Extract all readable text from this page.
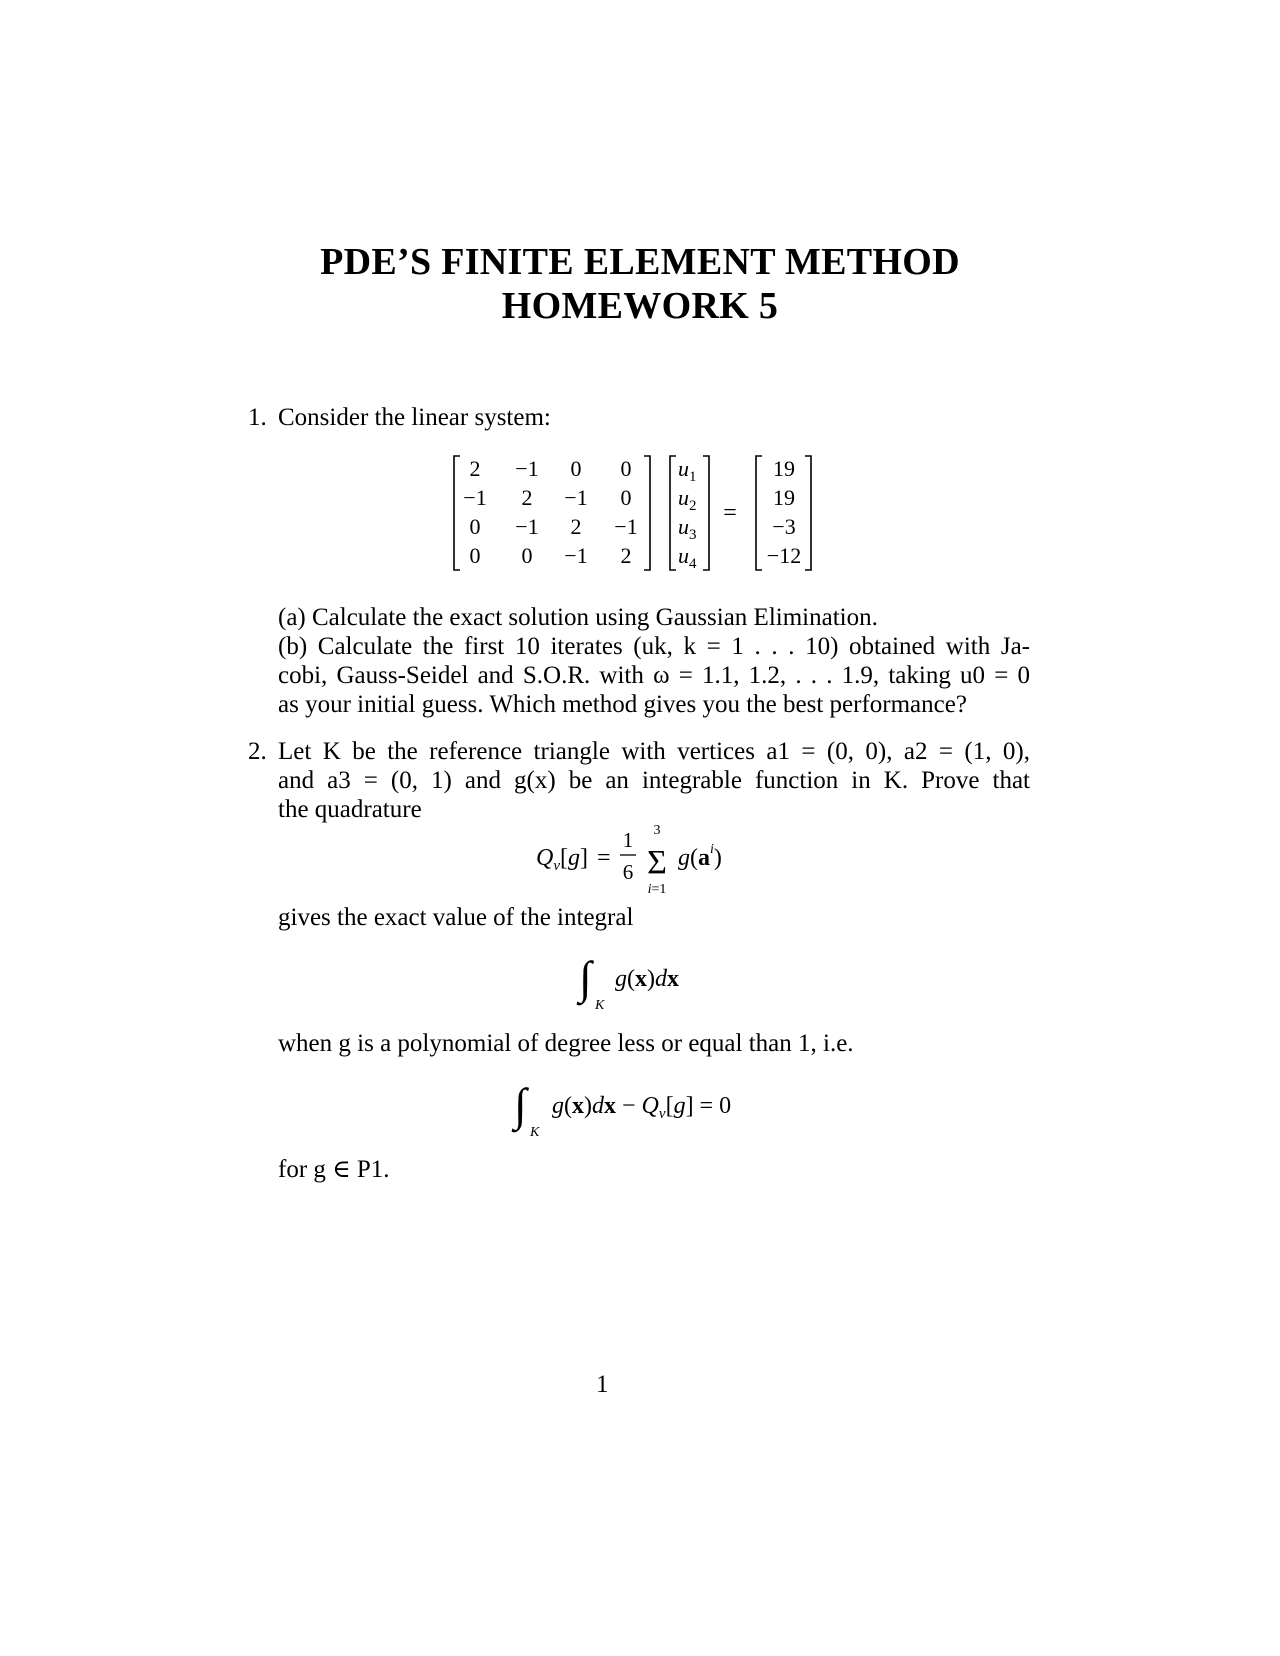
PDE’S FINITE ELEMENT METHOD
HOMEWORK 5
1. Consider the linear system:
2 −1 0 0
−1 2 −1 0
0 −1 2 −1
0 0 −1 2
$u_1$
$u_2$
$u_3$
$u_4$
=
19
19
−3
−12
(a) Calculate the exact solution using Gaussian Elimination.
(b) Calculate the first 10 iterates (uk, k = 1 . . . 10) obtained with Ja-
cobi, Gauss-Seidel and S.O.R. with ω = 1.1, 1.2, . . . 1.9, taking u0 = 0
as your initial guess. Which method gives you the best performance?
2. Let K be the reference triangle with vertices a1 = (0, 0), a2 = (1, 0),
and a3 = (0, 1) and g(x) be an integrable function in K. Prove that
the quadrature
$Q_v[g]$ =
1
6
3
Σ
i=1
$g(a^i)$
gives the exact value of the integral
∫
K
g(x)dx
when g is a polynomial of degree less or equal than 1, i.e.
∫
K
$g(x)dx - Q_v[g] = 0$
for g ∈ P1.
1
